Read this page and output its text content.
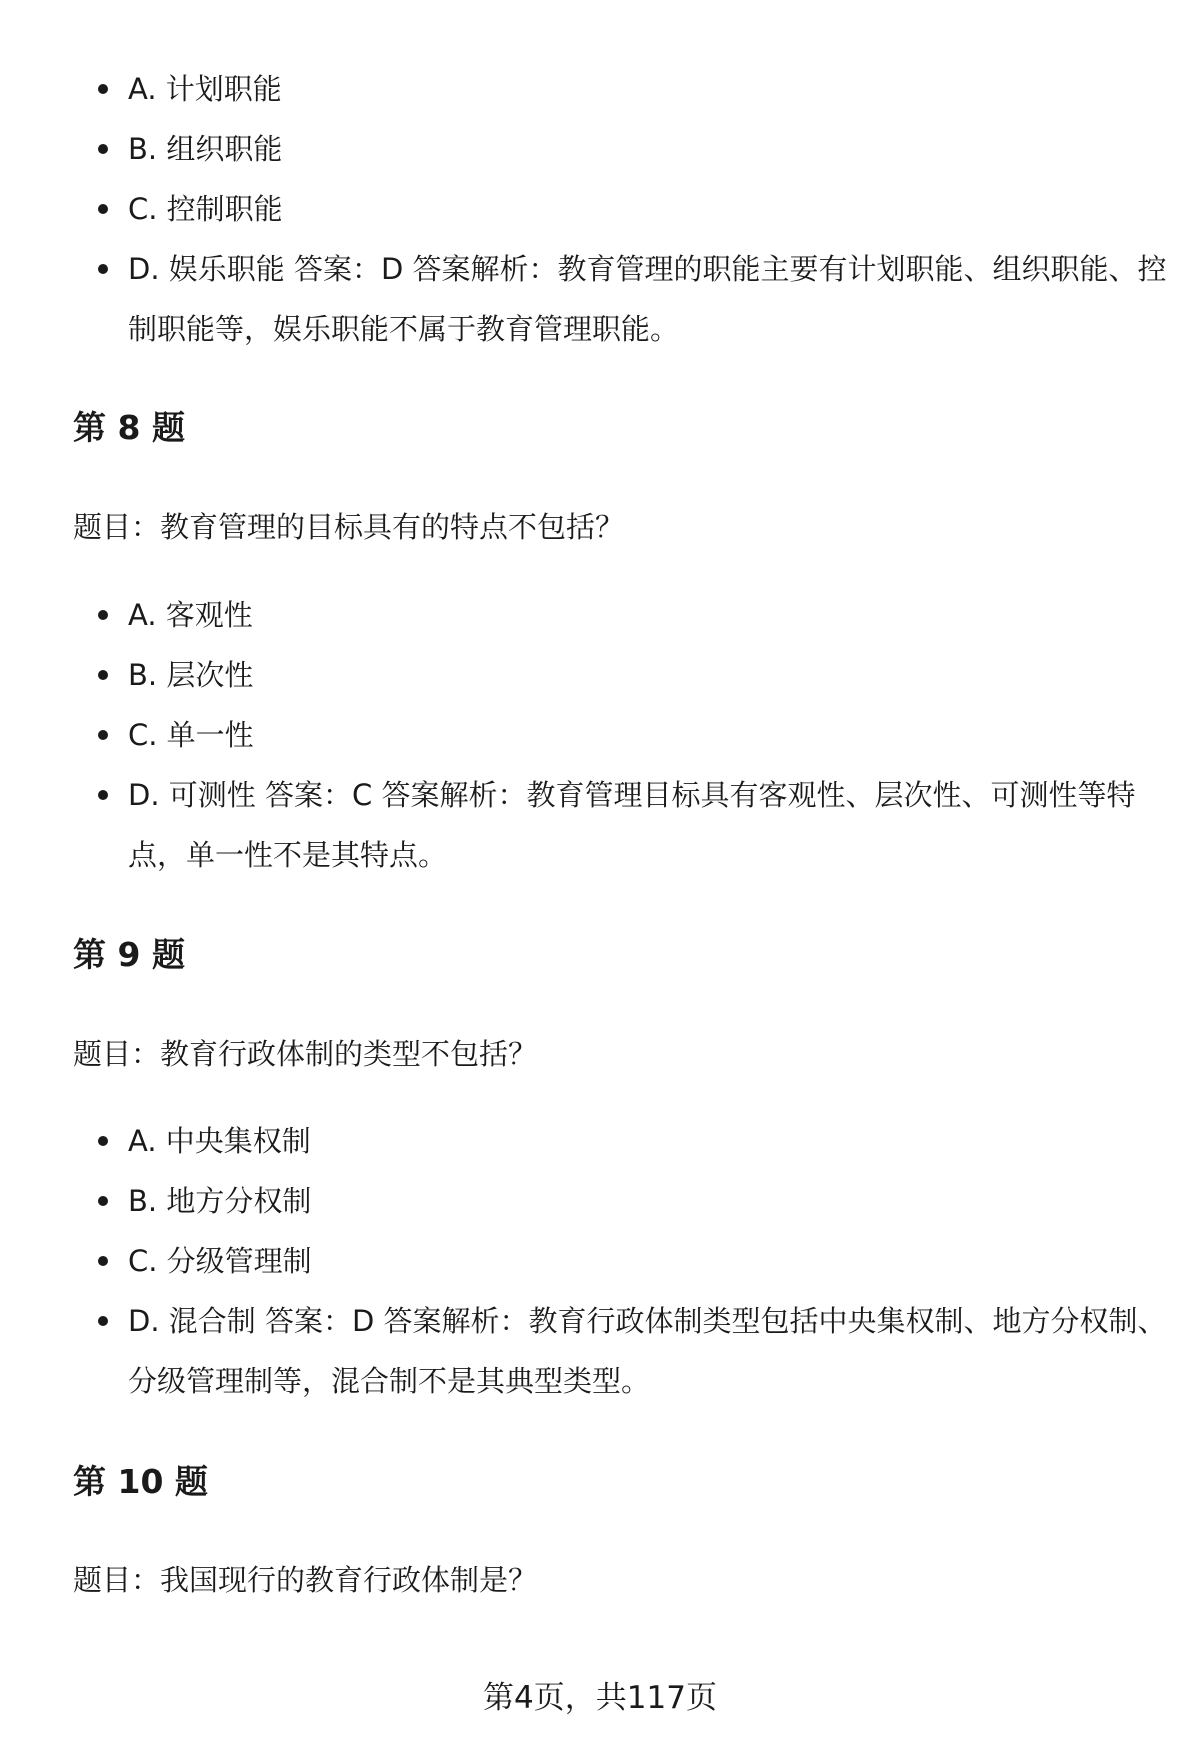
A. 计划职能
B. 组织职能
C. 控制职能
D. 娱乐职能 答案：D 答案解析：教育管理的职能主要有计划职能、组织职能、控制职能等，娱乐职能不属于教育管理职能。
第 8 题

题目：教育管理的目标具有的特点不包括？

A. 客观性
B. 层次性
C. 单一性
D. 可测性 答案：C 答案解析：教育管理目标具有客观性、层次性、可测性等特点，单一性不是其特点。
第 9 题

题目：教育行政体制的类型不包括？

A. 中央集权制
B. 地方分权制
C. 分级管理制
D. 混合制 答案：D 答案解析：教育行政体制类型包括中央集权制、地方分权制、分级管理制等，混合制不是其典型类型。
第 10 题

题目：我国现行的教育行政体制是？

第4页，共117页
